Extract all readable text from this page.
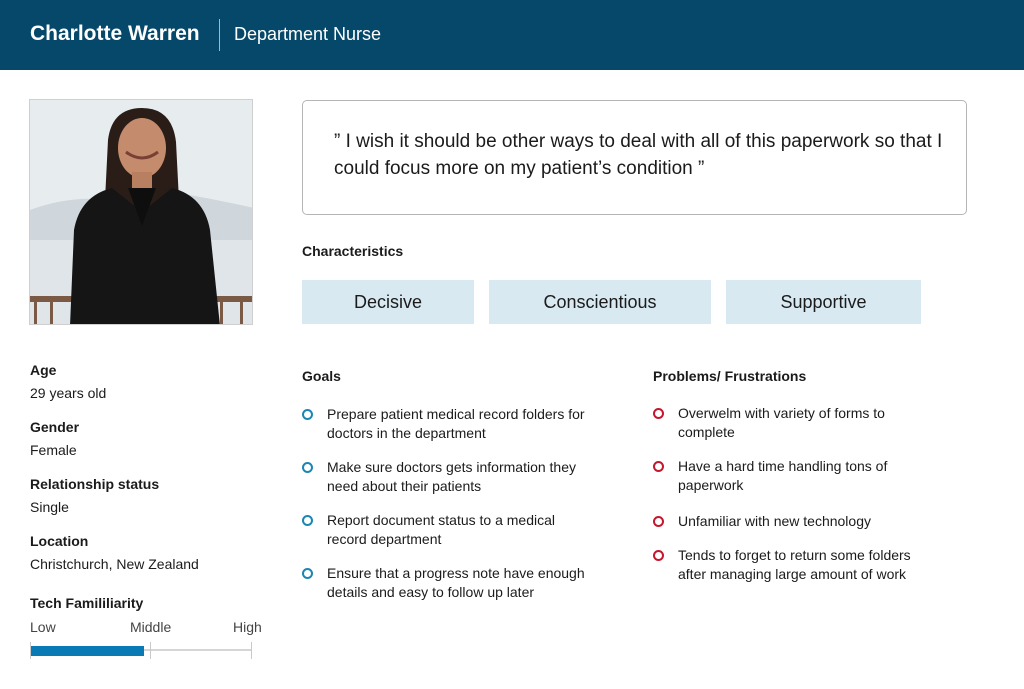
Charlotte Warren Department Nurse
Age
29 years old
Gender
Female
Relationship status
Single
Location
Christchurch, New Zealand
Tech Famililiarity
Low	Middle	High
” I wish it should be other ways to deal with all of this paperwork so that I could focus more on my patient’s condition ”
Characteristics
Decisive	Conscientious	Supportive
Goals
Prepare patient medical record folders for doctors in the department
Make sure doctors gets information they need about their patients
Report document status to a medical record department
Ensure that a progress note have enough details and easy to follow up later
Problems/ Frustrations
Overwelm with variety of forms to complete
Have a hard time handling tons of paperwork
Unfamiliar with new technology
Tends to forget to return some folders after managing large amount of work
